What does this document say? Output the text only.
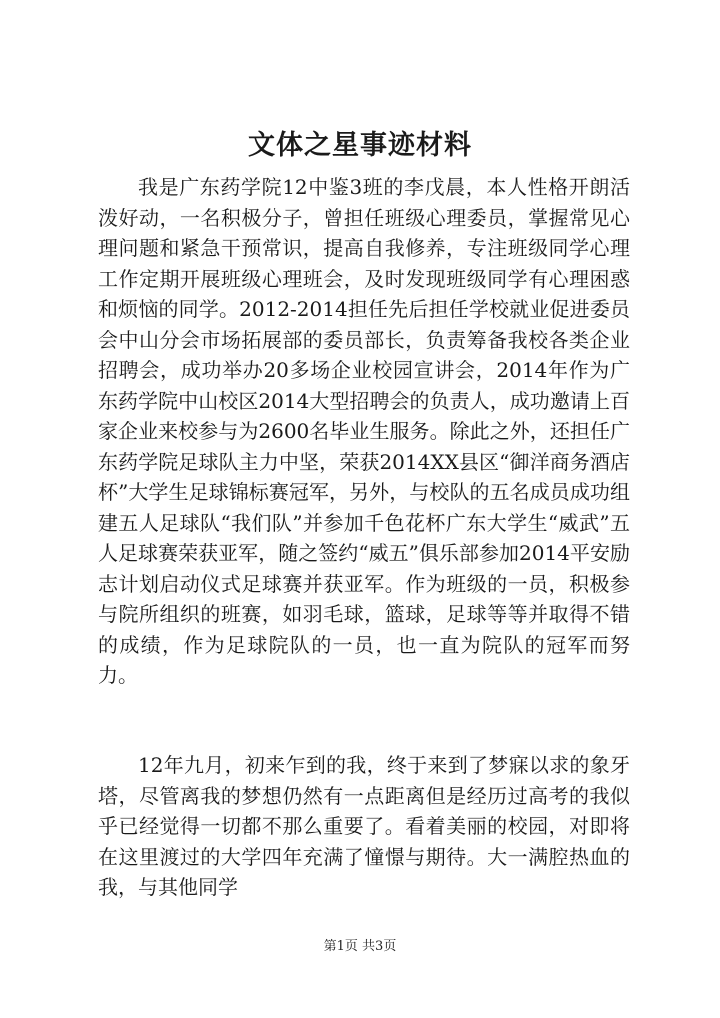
文体之星事迹材料

我是广东药学院12中鉴3班的李戊晨，本人性格开朗活泼好动，一名积极分子，曾担任班级心理委员，掌握常见心理问题和紧急干预常识，提高自我修养，专注班级同学心理工作定期开展班级心理班会，及时发现班级同学有心理困惑和烦恼的同学。2012-2014担任先后担任学校就业促进委员会中山分会市场拓展部的委员部长，负责筹备我校各类企业招聘会，成功举办20多场企业校园宣讲会，2014年作为广东药学院中山校区2014大型招聘会的负责人，成功邀请上百家企业来校参与为2600名毕业生服务。除此之外，还担任广东药学院足球队主力中坚，荣获2014XX县区“御洋商务酒店杯”大学生足球锦标赛冠军，另外，与校队的五名成员成功组建五人足球队“我们队”并参加千色花杯广东大学生“威武”五人足球赛荣获亚军，随之签约“威五”俱乐部参加2014平安励志计划启动仪式足球赛并获亚军。作为班级的一员，积极参与院所组织的班赛，如羽毛球，篮球，足球等等并取得不错的成绩，作为足球院队的一员，也一直为院队的冠军而努力。

12年九月，初来乍到的我，终于来到了梦寐以求的象牙塔，尽管离我的梦想仍然有一点距离但是经历过高考的我似乎已经觉得一切都不那么重要了。看着美丽的校园，对即将在这里渡过的大学四年充满了憧憬与期待。大一满腔热血的我，与其他同学

第1页 共3页
